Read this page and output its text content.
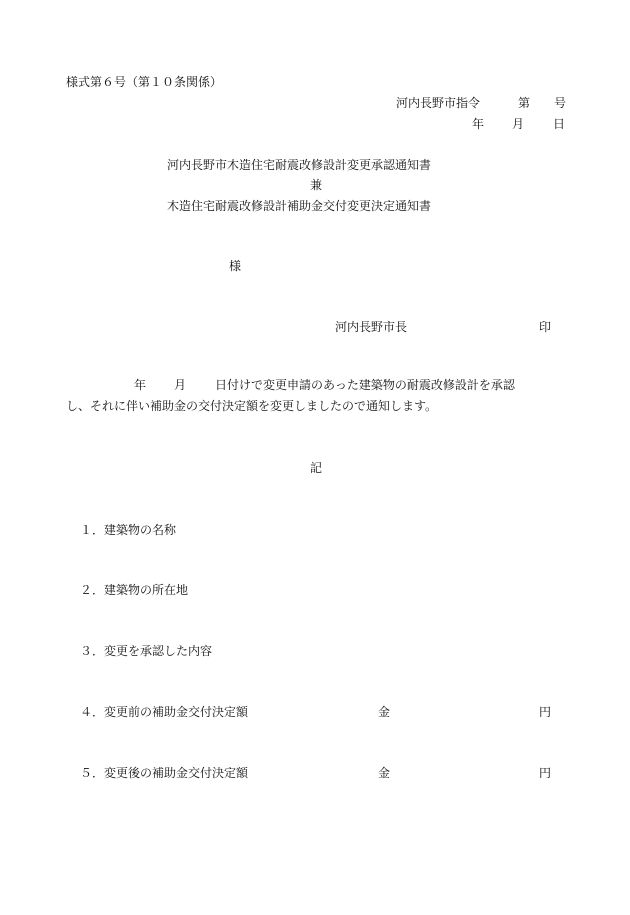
様式第６号（第１０条関係）
河内長野市指令	第 号
年 月 日
河内長野市木造住宅耐震改修設計変更承認通知書
兼
木造住宅耐震改修設計補助金交付変更決定通知書
様
河内長野市長	印
年 月 日付けで変更申請のあった建築物の耐震改修設計を承認
し、それに伴い補助金の交付決定額を変更しましたので通知します。
記
１．建築物の名称
２．建築物の所在地
３．変更を承認した内容
４．変更前の補助金交付決定額	金	円
５．変更後の補助金交付決定額	金	円
